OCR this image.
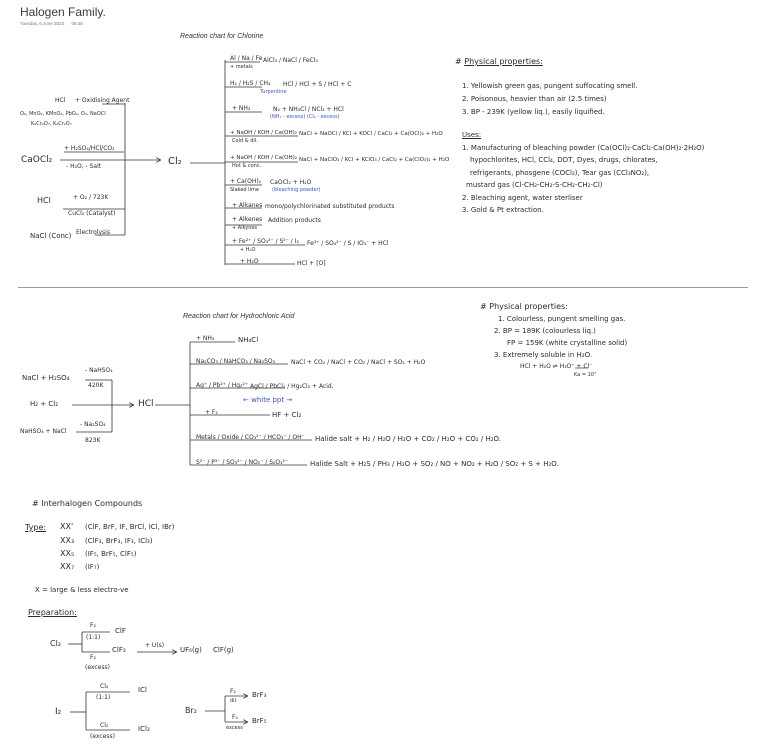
Halogen Family.
Tuesday, 6 June 2023 08:48
Reaction chart for Chlorine
HCl + Oxidising Agent
O₂, MnO₂, KMnO₄, PbO₂, O₃, NaOCl
K₂Cr₂O₇, K₂Cr₂O₇
CaOCl₂
+ H₂SO₄/HCl/CO₂
- H₂O, - Salt
HCl	+ O₂ / 723K
CuCl₂ (Catalyst)
NaCl (Conc) Electrolysis
Cl₂
Al / Na / Fe
+ metals
AlCl₃ / NaCl / FeCl₃
H₂ / H₂S / CH₄ HCl / HCl + S / HCl + C
Turpentine
+ NH₃	N₂ + NH₄Cl / NCl₃ + HCl
(NH₃ - excess) (Cl₂ - excess)
+ NaOH / KOH / Ca(OH)₂
Cold & dil.
NaCl + NaOCl / KCl + KOCl / CaCl₂ + Ca(OCl)₂ + H₂O
+ NaOH / KOH / Ca(OH)₂
Hot & conc.
NaCl + NaClO₃ / KCl + KClO₃ / CaCl₂ + Ca(ClO₃)₂ + H₂O
+ Ca(OH)₂
Slaked lime
CaOCl₂ + H₂O
(bleaching powder)
+ Alkanes mono/polychlorinated substituted products
+ Alkenes
+ Alkynes
Addition products
+ Fe²⁺ / SO₃²⁻ / S²⁻ / I₂
+ H₂O
Fe³⁺ / SO₄²⁻ / S / IO₃⁻ + HCl
+ H₂O	HCl + [O]
# Physical properties:
1. Yellowish green gas, pungent suffocating smell.
2. Poisonous, heavier than air (2.5 times)
3. BP - 239K (yellow liq.), easily liquified.
Uses:
1. Manufacturing of bleaching powder (Ca(OCl)₂·CaCl₂·Ca(OH)₂·2H₂O)
hypochlorites, HCl, CCl₄, DDT, Dyes, drugs, chlorates,
refrigerants, phosgene (COCl₂), Tear gas (CCl₃NO₂),
mustard gas (Cl-CH₂-CH₂-S-CH₂-CH₂-Cl)
2. Bleaching agent, water sterliser
3. Gold & Pt extraction.
Reaction chart for Hydrochloric Acid
NaCl + H₂SO₄
- NaHSO₄
420K
H₂ + Cl₂
NaHSO₄ + NaCl
- Na₂SO₄
823K
HCl
+ NH₃	NH₄Cl
Na₂CO₃ / NaHCO₃ / Na₂SO₃	NaCl + CO₂ / NaCl + CO₂ / NaCl + SO₂ + H₂O
Ag⁺ / Pb²⁺ / Hg₂²⁺ AgCl / PbCl₂ / Hg₂Cl₂ + Acid.
← white ppt →
+ F₂	HF + Cl₂
Metals / Oxide / CO₃²⁻ / HCO₃⁻ / OH⁻ Halide salt + H₂ / H₂O / H₂O + CO₂ / H₂O + CO₂ / H₂O.
S²⁻ / P³⁻ / SO₃²⁻ / NO₂⁻ / S₂O₃²⁻	Halide Salt + H₂S / PH₃ / H₂O + SO₂ / NO + NO₂ + H₂O / SO₂ + S + H₂O.
# Physical properties:
1. Colourless, pungent smelling gas.
2. BP = 189K (colourless liq.)
FP = 159K (white crystalline solid)
3. Extremely soluble in H₂O.
HCl + H₂O ⇌ H₃O⁺ + Cl⁻
Ka = 10⁷
# Interhalogen Compounds
Type: XX' (ClF, BrF, IF, BrCl, ICl, IBr)
XX₃ (ClF₃, BrF₃, IF₃, ICl₃)
XX₅ (IF₅, BrF₅, ClF₅)
XX₇ (IF₇)
X = large & less electro-ve
Preparation:
Cl₂
F₂
(1:1)
ClF
F₂
(excess)
ClF₃
+ U(s)
UF₆(g) ClF(g)
I₂
Cl₂
(1:1)
ICl
Cl₂
(excess)
ICl₃
Br₂
F₂
dil.
BrF₃
F₂
excess
BrF₅
